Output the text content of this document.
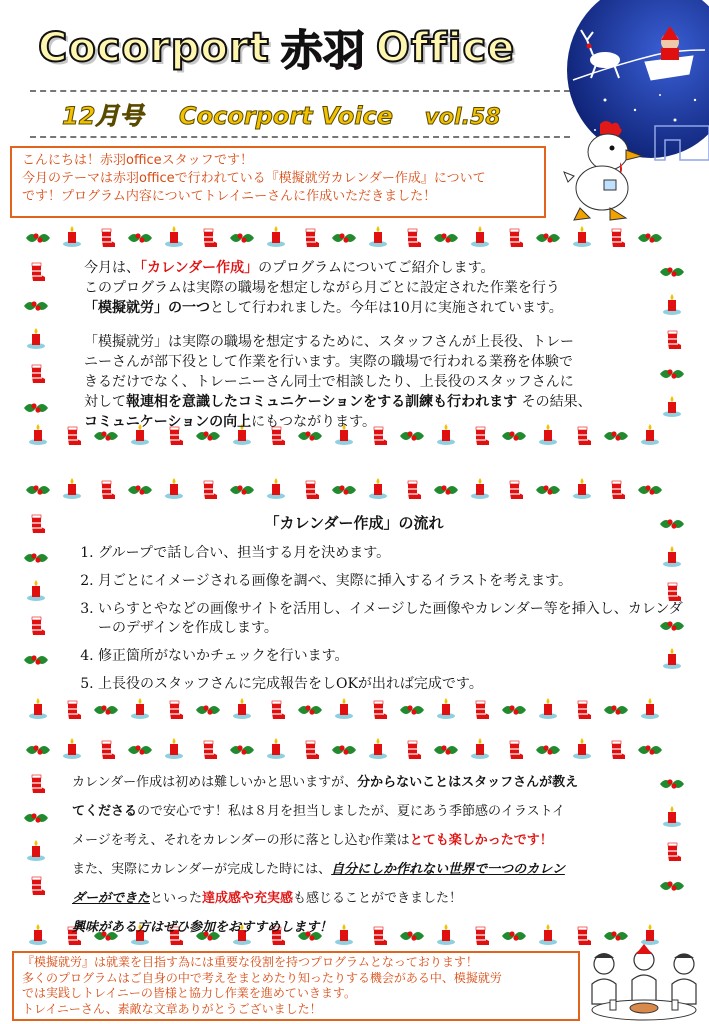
Cocorport 赤羽 Office
12月号 Cocorport Voice vol.58
こんにちは！赤羽officeスタッフです！
今月のテーマは赤羽officeで行われている『模擬就労カレンダー作成』について
です！プログラム内容についてトレイニーさんに作成いただきました！
今月は、「カレンダー作成」のプログラムについてご紹介します。
このプログラムは実際の職場を想定しながら月ごとに設定された作業を行う
「模擬就労」の一つとして行われました。今年は10月に実施されています。
「模擬就労」は実際の職場を想定するために、スタッフさんが上長役、トレー
ニーさんが部下役として作業を行います。実際の職場で行われる業務を体験で
きるだけでなく、トレーニーさん同士で相談したり、上長役のスタッフさんに
対して報連相を意識したコミュニケーションをする訓練も行われます その結果、
コミュニケーションの向上にもつながります。
「カレンダー作成」の流れ
1. グループで話し合い、担当する月を決めます。
2. 月ごとにイメージされる画像を調べ、実際に挿入するイラストを考えます。
3. いらすとやなどの画像サイトを活用し、イメージした画像やカレンダー等を挿入し、カレンダーのデザインを作成します。
4. 修正箇所がないかチェックを行います。
5. 上長役のスタッフさんに完成報告をしOKが出れば完成です。

カレンダー作成は初めは難しいかと思いますが、分からないことはスタッフさんが教え

てくださるので安心です！私は８月を担当しましたが、夏にあう季節感のイラストイ

メージを考え、それをカレンダーの形に落とし込む作業はとても楽しかったです！

また、実際にカレンダーが完成した時には、自分にしか作れない世界で一つのカレン

ダーができたといった達成感や充実感も感じることができました！

興味がある方はぜひ参加をおすすめします！

『模擬就労』は就業を目指す為には重要な役割を持つプログラムとなっております！
多くのプログラムはご自身の中で考えをまとめたり知ったりする機会がある中、模擬就労
では実践しトレイニーの皆様と協力し作業を進めていきます。
トレイニーさん、素敵な文章ありがとうございました！
